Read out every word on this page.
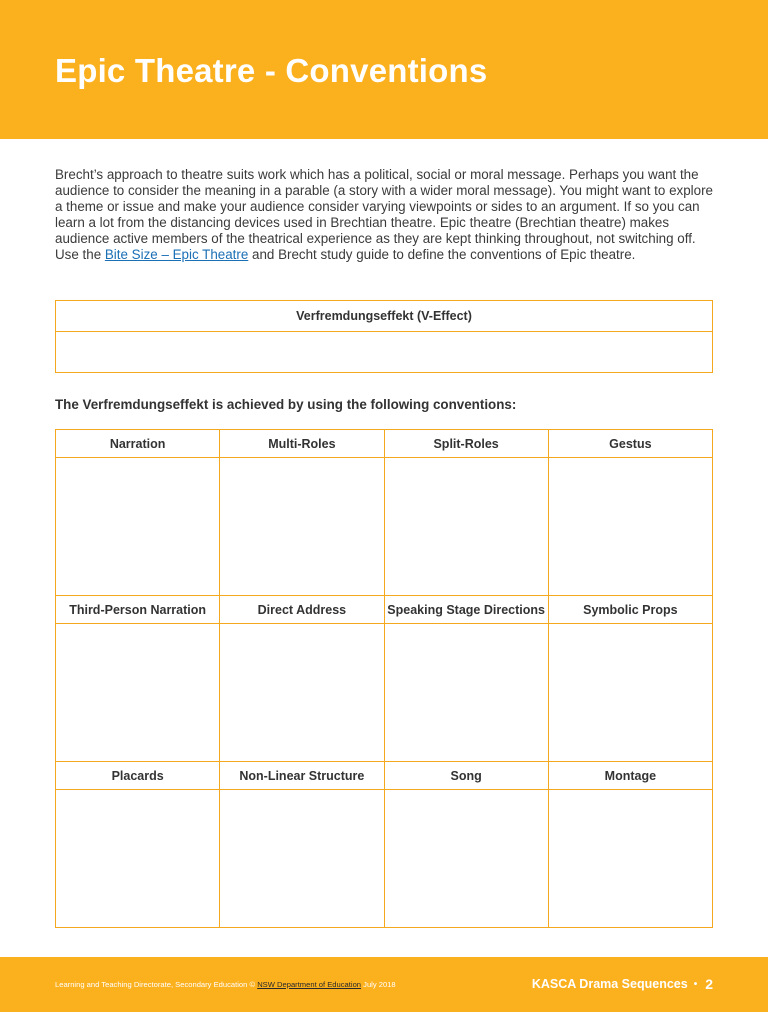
Epic Theatre - Conventions

Brecht’s approach to theatre suits work which has a political, social or moral message. Perhaps you want the audience to consider the meaning in a parable (a story with a wider moral message). You might want to explore a theme or issue and make your audience consider varying viewpoints or sides to an argument. If so you can learn a lot from the distancing devices used in Brechtian theatre. Epic theatre (Brechtian theatre) makes audience active members of the theatrical experience as they are kept thinking throughout, not switching off. Use the Bite Size – Epic Theatre and Brecht study guide to define the conventions of Epic theatre.

Verfremdungseffekt (V-Effect)
The Verfremdungseffekt is achieved by using the following conventions:
Narration	Multi-Roles	Split-Roles	Gestus

Third-Person Narration	Direct Address	Speaking Stage Directions	Symbolic Props

Placards	Non-Linear Structure	Song	Montage

Learning and Teaching Directorate, Secondary Education © NSW Department of Education July 2018	KASCA Drama Sequences • 2
